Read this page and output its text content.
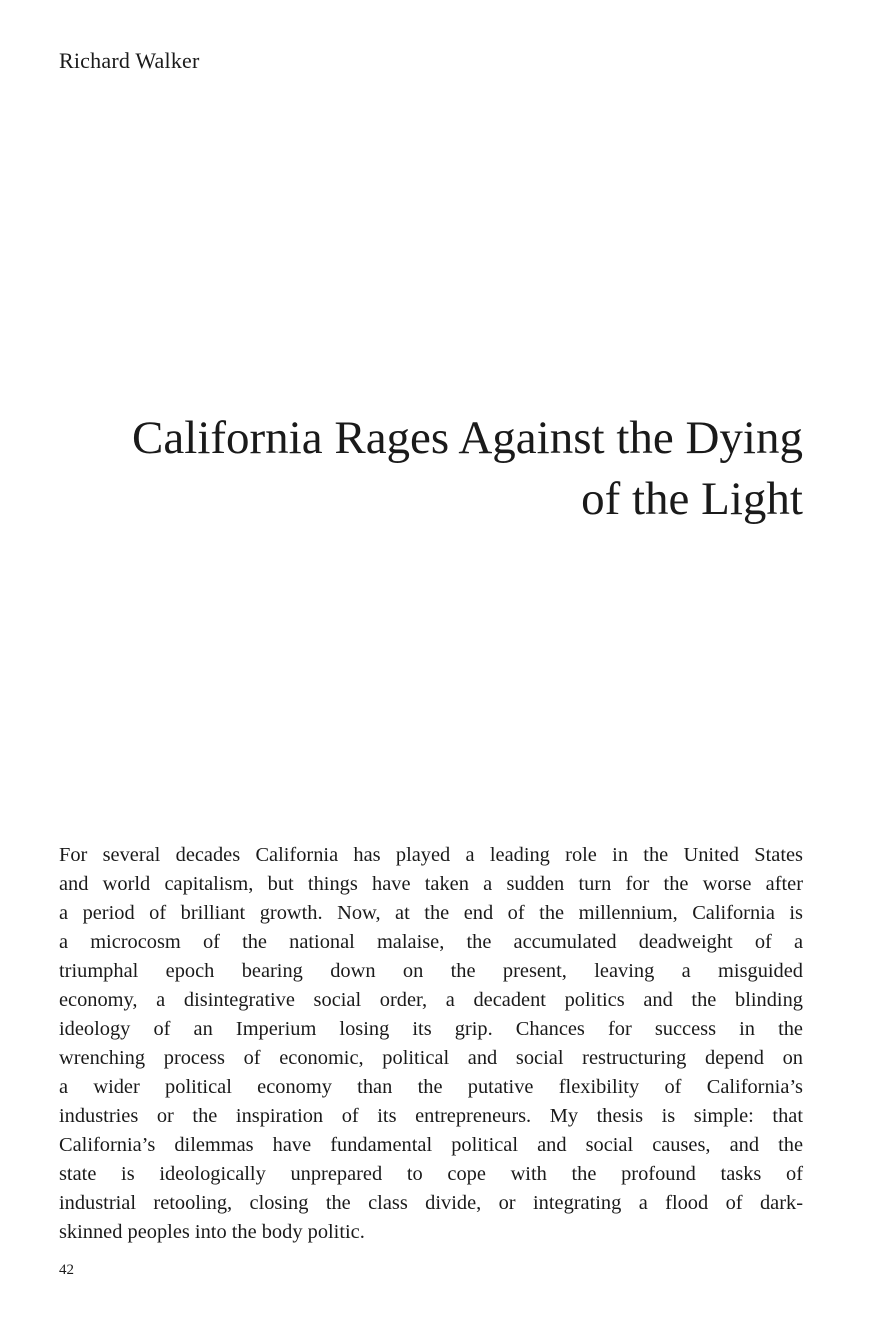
Richard Walker
California Rages Against the Dying
of the Light
For several decades California has played a leading role in the United States
and world capitalism, but things have taken a sudden turn for the worse after
a period of brilliant growth. Now, at the end of the millennium, California is
a microcosm of the national malaise, the accumulated deadweight of a
triumphal epoch bearing down on the present, leaving a misguided
economy, a disintegrative social order, a decadent politics and the blinding
ideology of an Imperium losing its grip. Chances for success in the
wrenching process of economic, political and social restructuring depend on
a wider political economy than the putative flexibility of California’s
industries or the inspiration of its entrepreneurs. My thesis is simple: that
California’s dilemmas have fundamental political and social causes, and the
state is ideologically unprepared to cope with the profound tasks of
industrial retooling, closing the class divide, or integrating a flood of dark-
skinned peoples into the body politic.
42
